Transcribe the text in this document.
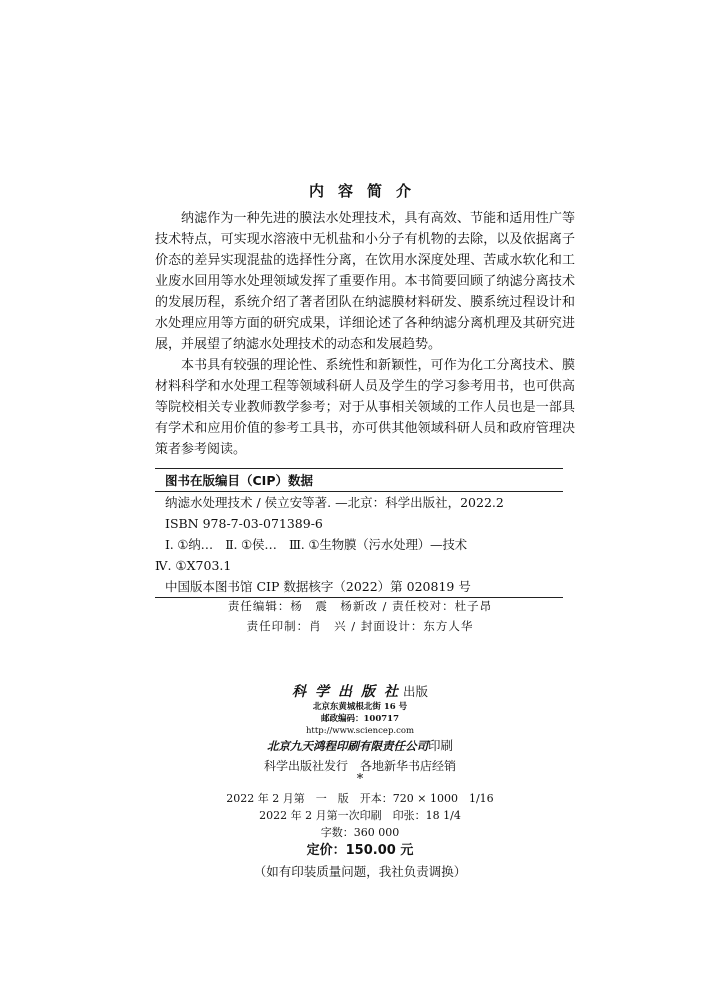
内容简介

纳滤作为一种先进的膜法水处理技术，具有高效、节能和适用性广等技术特点，可实现水溶液中无机盐和小分子有机物的去除，以及依据离子价态的差异实现混盐的选择性分离，在饮用水深度处理、苦咸水软化和工业废水回用等水处理领域发挥了重要作用。本书简要回顾了纳滤分离技术的发展历程，系统介绍了著者团队在纳滤膜材料研发、膜系统过程设计和水处理应用等方面的研究成果，详细论述了各种纳滤分离机理及其研究进展，并展望了纳滤水处理技术的动态和发展趋势。

本书具有较强的理论性、系统性和新颖性，可作为化工分离技术、膜材料科学和水处理工程等领域科研人员及学生的学习参考用书，也可供高等院校相关专业教师教学参考；对于从事相关领域的工作人员也是一部具有学术和应用价值的参考工具书，亦可供其他领域科研人员和政府管理决策者参考阅读。

图书在版编目（CIP）数据
纳滤水处理技术 / 侯立安等著. —北京：科学出版社，2022.2
ISBN 978-7-03-071389-6
Ⅰ. ①纳…　Ⅱ. ①侯…　Ⅲ. ①生物膜（污水处理）—技术
Ⅳ. ①X703.1
中国版本图书馆 CIP 数据核字（2022）第 020819 号
责任编辑：杨　震　杨新改 / 责任校对：杜子昂
责任印制：肖　兴 / 封面设计：东方人华
科学出版社出版
北京东黄城根北街 16 号
邮政编码：100717
http://www.sciencep.com
北京九天鸿程印刷有限责任公司印刷
科学出版社发行　各地新华书店经销
*
2022 年 2 月第　一　版　开本：720 × 1000　1/16
2022 年 2 月第一次印刷　印张：18 1/4
字数：360 000
定价：150.00 元
（如有印装质量问题，我社负责调换）
